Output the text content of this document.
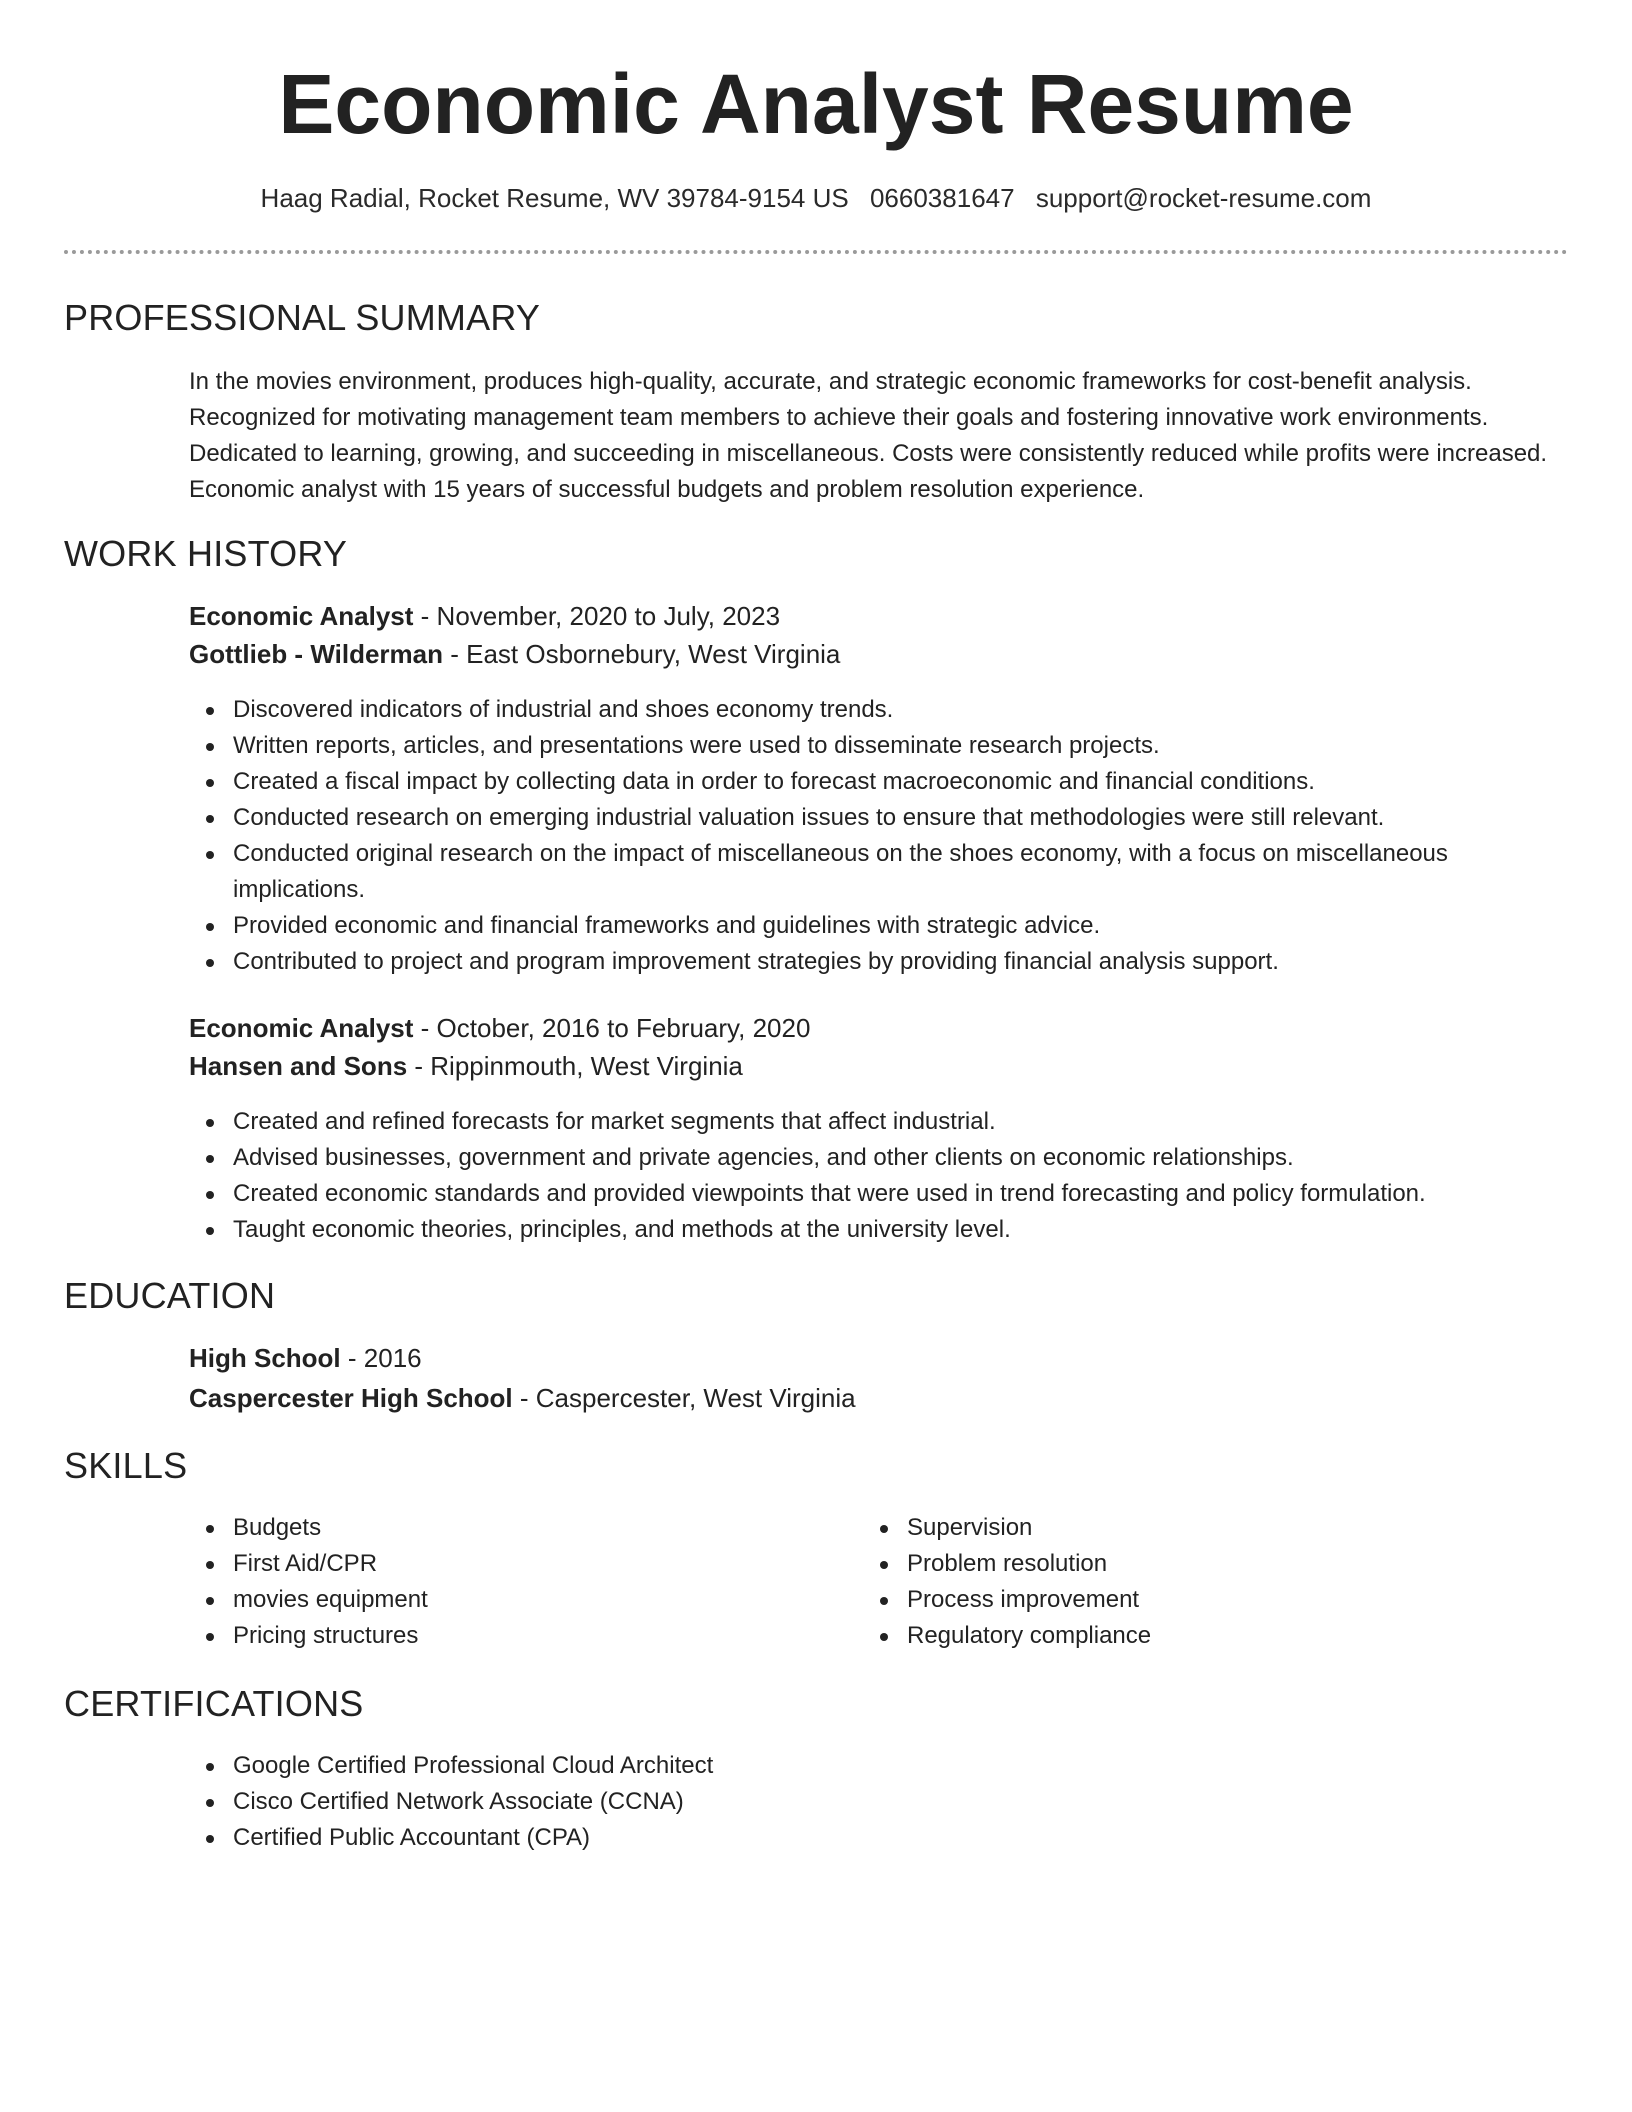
Economic Analyst Resume
Haag Radial, Rocket Resume, WV 39784-9154 US 0660381647 support@rocket-resume.com
PROFESSIONAL SUMMARY

In the movies environment, produces high-quality, accurate, and strategic economic frameworks for cost-benefit analysis. Recognized for motivating management team members to achieve their goals and fostering innovative work environments. Dedicated to learning, growing, and succeeding in miscellaneous. Costs were consistently reduced while profits were increased. Economic analyst with 15 years of successful budgets and problem resolution experience.

WORK HISTORY
Economic Analyst - November, 2020 to July, 2023
Gottlieb - Wilderman - East Osbornebury, West Virginia
Discovered indicators of industrial and shoes economy trends.
Written reports, articles, and presentations were used to disseminate research projects.
Created a fiscal impact by collecting data in order to forecast macroeconomic and financial conditions.
Conducted research on emerging industrial valuation issues to ensure that methodologies were still relevant.
Conducted original research on the impact of miscellaneous on the shoes economy, with a focus on miscellaneous implications.
Provided economic and financial frameworks and guidelines with strategic advice.
Contributed to project and program improvement strategies by providing financial analysis support.
Economic Analyst - October, 2016 to February, 2020
Hansen and Sons - Rippinmouth, West Virginia
Created and refined forecasts for market segments that affect industrial.
Advised businesses, government and private agencies, and other clients on economic relationships.
Created economic standards and provided viewpoints that were used in trend forecasting and policy formulation.
Taught economic theories, principles, and methods at the university level.
EDUCATION
High School - 2016
Caspercester High School - Caspercester, West Virginia
SKILLS
Budgets
First Aid/CPR
movies equipment
Pricing structures
Supervision
Problem resolution
Process improvement
Regulatory compliance
CERTIFICATIONS
Google Certified Professional Cloud Architect
Cisco Certified Network Associate (CCNA)
Certified Public Accountant (CPA)
